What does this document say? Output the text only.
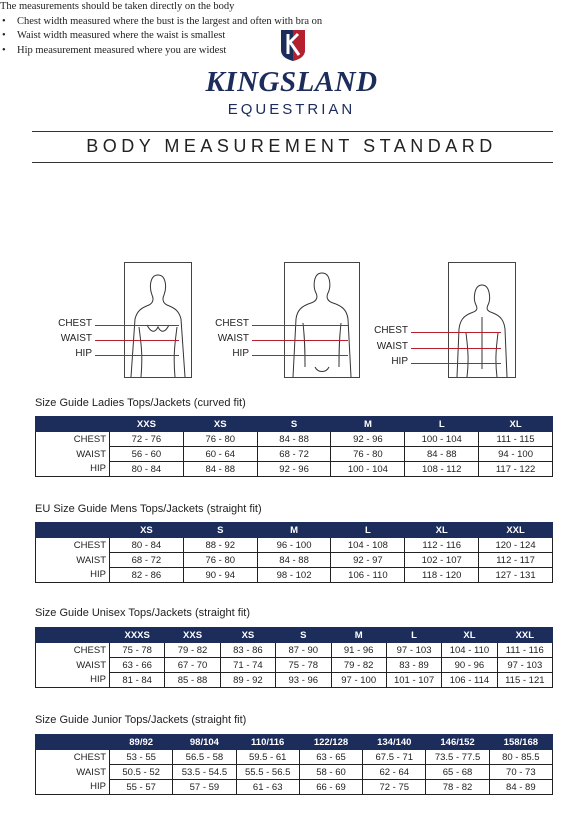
KINGSLAND
EQUESTRIAN
BODY MEASUREMENT STANDARD
The measurements should be taken directly on the body
• Chest width measured where the bust is the largest and often with bra on
• Waist width measured where the waist is smallest
• Hip measurement measured where you are widest
CHEST
WAIST
HIP
CHEST
WAIST
HIP
CHEST
WAIST
HIP
Size Guide Ladies Tops/Jackets (curved fit)
	XXS	XS	S	M	L	XL
CHEST	72 - 76	76 - 80	84 - 88	92 - 96	100 - 104	111 - 115
WAIST	56 - 60	60 - 64	68 - 72	76 - 80	84 - 88	94 - 100
HIP	80 - 84	84 - 88	92 - 96	100 - 104	108 - 112	117 - 122
EU Size Guide Mens Tops/Jackets (straight fit)
	XS	S	M	L	XL	XXL
CHEST	80 - 84	88 - 92	96 - 100	104 - 108	112 - 116	120 - 124
WAIST	68 - 72	76 - 80	84 - 88	92 - 97	102 - 107	112 - 117
HIP	82 - 86	90 - 94	98 - 102	106 - 110	118 - 120	127 - 131
Size Guide Unisex Tops/Jackets (straight fit)
	XXXS	XXS	XS	S	M	L	XL	XXL
CHEST	75 - 78	79 - 82	83 - 86	87 - 90	91 - 96	97 - 103	104 - 110	111 - 116
WAIST	63 - 66	67 - 70	71 - 74	75 - 78	79 - 82	83 - 89	90 - 96	97 - 103
HIP	81 - 84	85 - 88	89 - 92	93 - 96	97 - 100	101 - 107	106 - 114	115 - 121
Size Guide Junior Tops/Jackets (straight fit)
	89/92	98/104	110/116	122/128	134/140	146/152	158/168
CHEST	53 - 55	56.5 - 58	59.5 - 61	63 - 65	67.5 - 71	73.5 - 77.5	80 - 85.5
WAIST	50.5 - 52	53.5 - 54.5	55.5 - 56.5	58 - 60	62 - 64	65 - 68	70 - 73
HIP	55 - 57	57 - 59	61 - 63	66 - 69	72 - 75	78 - 82	84 - 89
